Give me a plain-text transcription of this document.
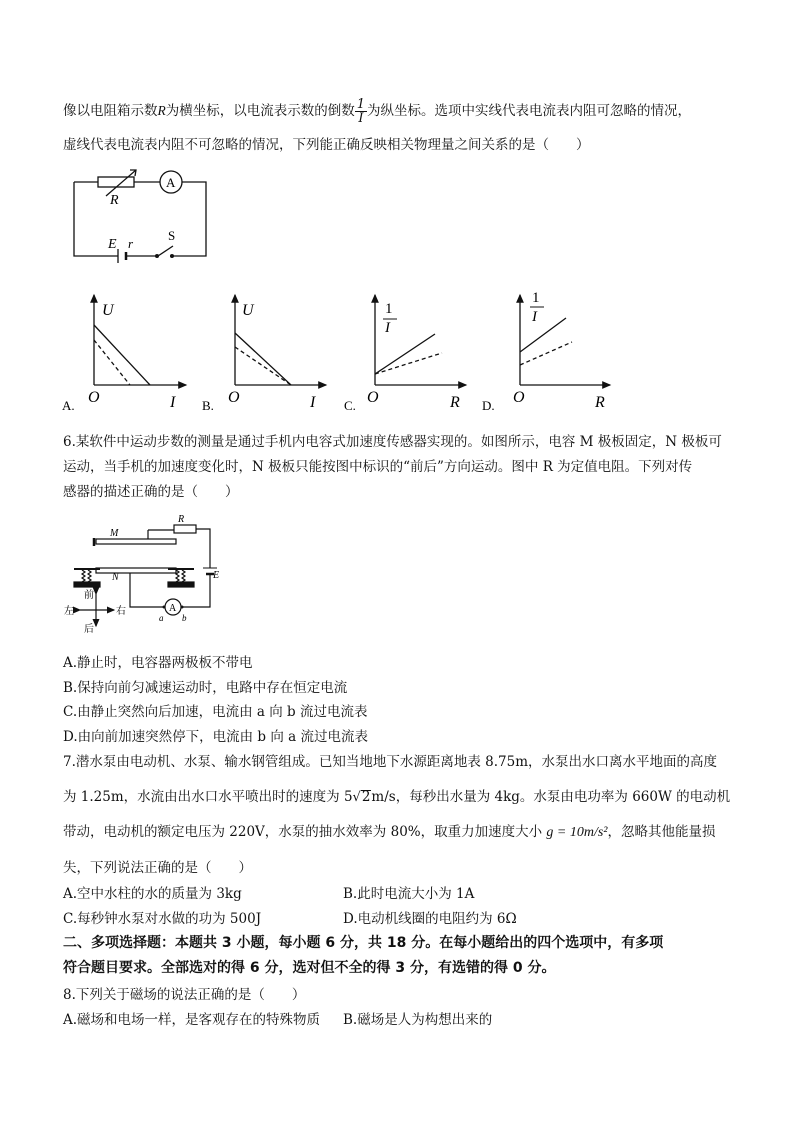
像以电阻箱示数R为横坐标，以电流表示数的倒数 $\frac{1}{I}$ 为纵坐标。选项中实线代表电流表内阻可忽略的情况，
虚线代表电流表内阻不可忽略的情况，下列能正确反映相关物理量之间关系的是（　　）
A
R
E r
S
U
O	I
A.
U
O	I
B.
1
I
O	R
C.
1
I
O	R
D.
6.某软件中运动步数的测量是通过手机内电容式加速度传感器实现的。如图所示，电容 M 极板固定，N 极板可
运动，当手机的加速度变化时，N 极板只能按图中标识的“前后”方向运动。图中 R 为定值电阻。下列对传
感器的描述正确的是（　　）
M
R
N	E
A
a b
前
后
左	右
A.静止时，电容器两极板不带电
B.保持向前匀减速运动时，电路中存在恒定电流
C.由静止突然向后加速，电流由 a 向 b 流过电流表
D.由向前加速突然停下，电流由 b 向 a 流过电流表
7.潜水泵由电动机、水泵、输水钢管组成。已知当地地下水源距离地表 8.75m，水泵出水口离水平地面的高度
为 1.25m，水流由出水口水平喷出时的速度为 5√2m/s，每秒出水量为 4kg。水泵由电功率为 660W 的电动机
带动，电动机的额定电压为 220V，水泵的抽水效率为 80%，取重力加速度大小 g = 10m/s²，忽略其他能量损
失，下列说法正确的是（　　）
A.空中水柱的水的质量为 3kg	B.此时电流大小为 1A
C.每秒钟水泵对水做的功为 500J	D.电动机线圈的电阻约为 6Ω
二、多项选择题：本题共 3 小题，每小题 6 分，共 18 分。在每小题给出的四个选项中，有多项
符合题目要求。全部选对的得 6 分，选对但不全的得 3 分，有选错的得 0 分。
8.下列关于磁场的说法正确的是（　　）
A.磁场和电场一样，是客观存在的特殊物质 B.磁场是人为构想出来的
